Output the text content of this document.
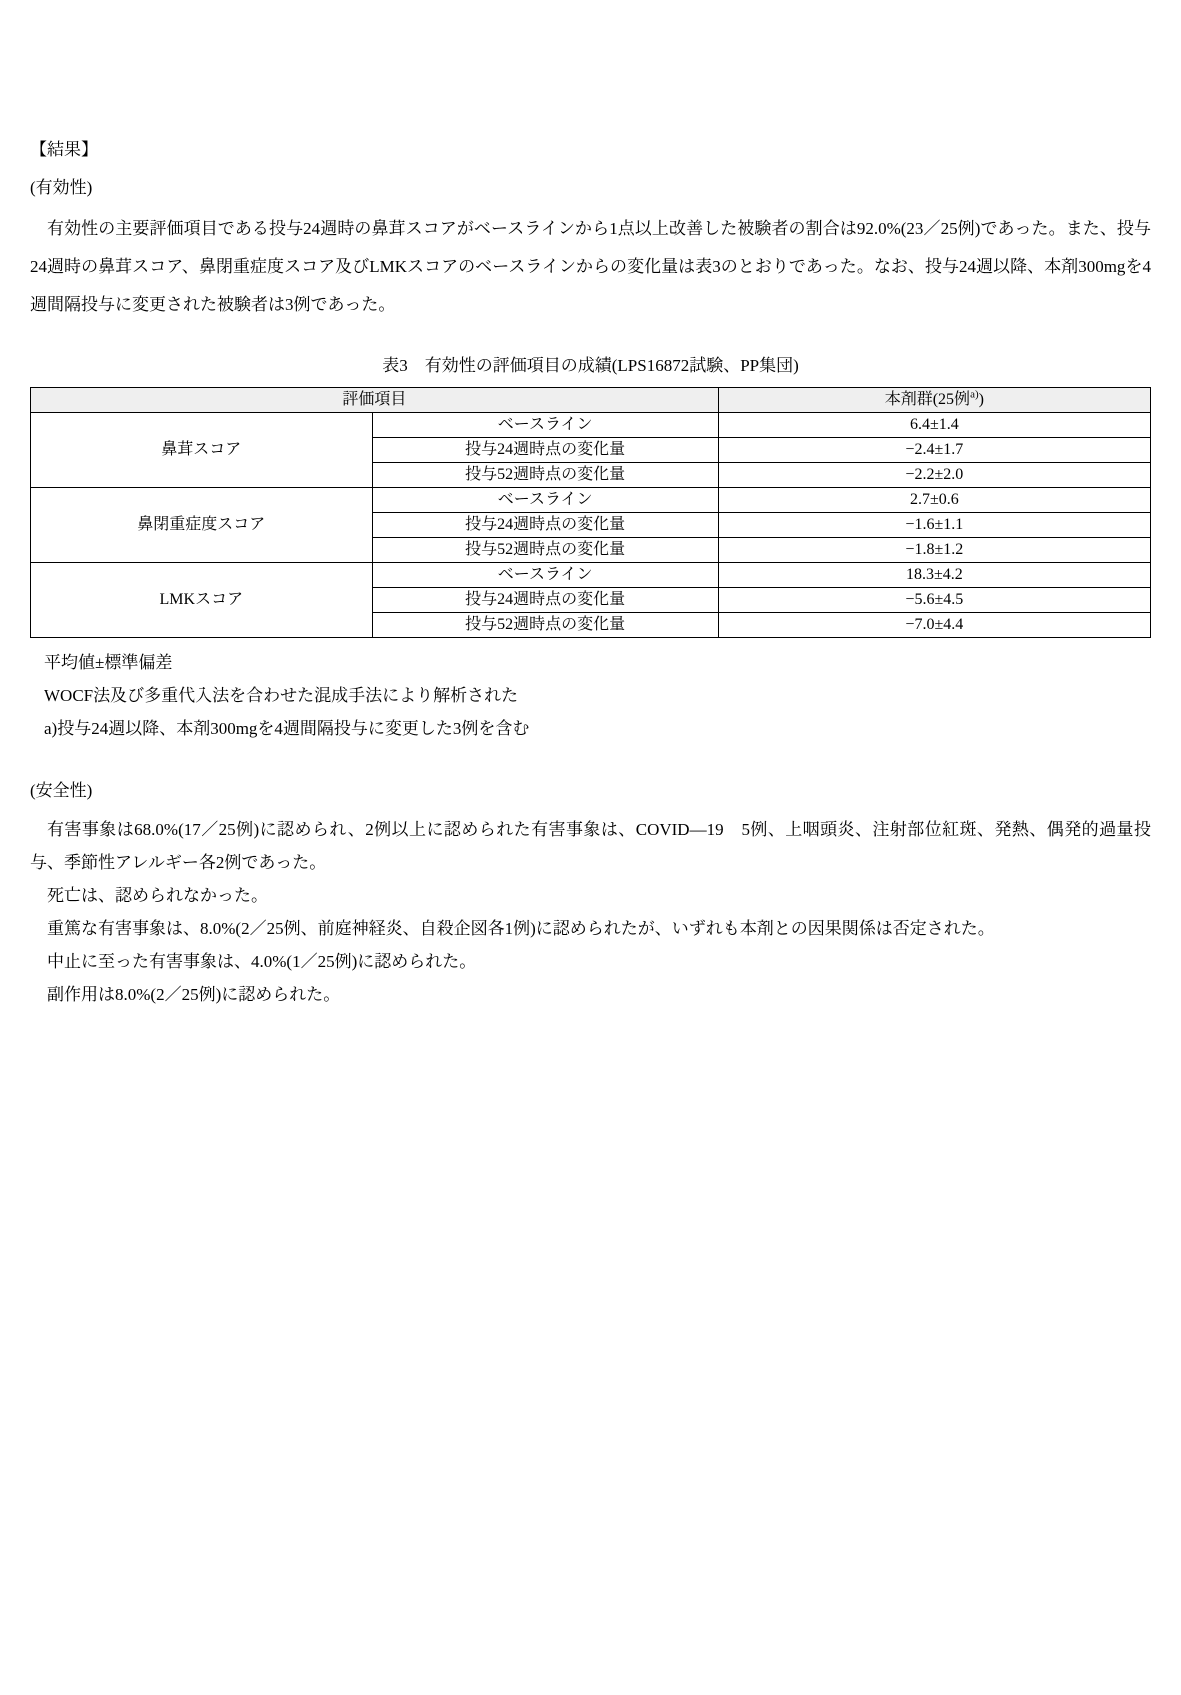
【結果】
(有効性)

有効性の主要評価項目である投与24週時の鼻茸スコアがベースラインから1点以上改善した被験者の割合は92.0%(23／25例)であった。また、投与24週時の鼻茸スコア、鼻閉重症度スコア及びLMKスコアのベースラインからの変化量は表3のとおりであった。なお、投与24週以降、本剤300mgを4週間隔投与に変更された被験者は3例であった。

表3　有効性の評価項目の成績(LPS16872試験、PP集団)
評価項目		本剤群(25例$^{a)}$)
鼻茸スコア	ベースライン	6.4±1.4
	投与24週時点の変化量	−2.4±1.7
	投与52週時点の変化量	−2.2±2.0
鼻閉重症度スコア	ベースライン	2.7±0.6
	投与24週時点の変化量	−1.6±1.1
	投与52週時点の変化量	−1.8±1.2
LMKスコア	ベースライン	18.3±4.2
	投与24週時点の変化量	−5.6±4.5
	投与52週時点の変化量	−7.0±4.4

平均値±標準偏差

WOCF法及び多重代入法を合わせた混成手法により解析された

a)投与24週以降、本剤300mgを4週間隔投与に変更した3例を含む

(安全性)

有害事象は68.0%(17／25例)に認められ、2例以上に認められた有害事象は、COVID—19　5例、上咽頭炎、注射部位紅斑、発熱、偶発的過量投与、季節性アレルギー各2例であった。

死亡は、認められなかった。

重篤な有害事象は、8.0%(2／25例、前庭神経炎、自殺企図各1例)に認められたが、いずれも本剤との因果関係は否定された。

中止に至った有害事象は、4.0%(1／25例)に認められた。

副作用は8.0%(2／25例)に認められた。
